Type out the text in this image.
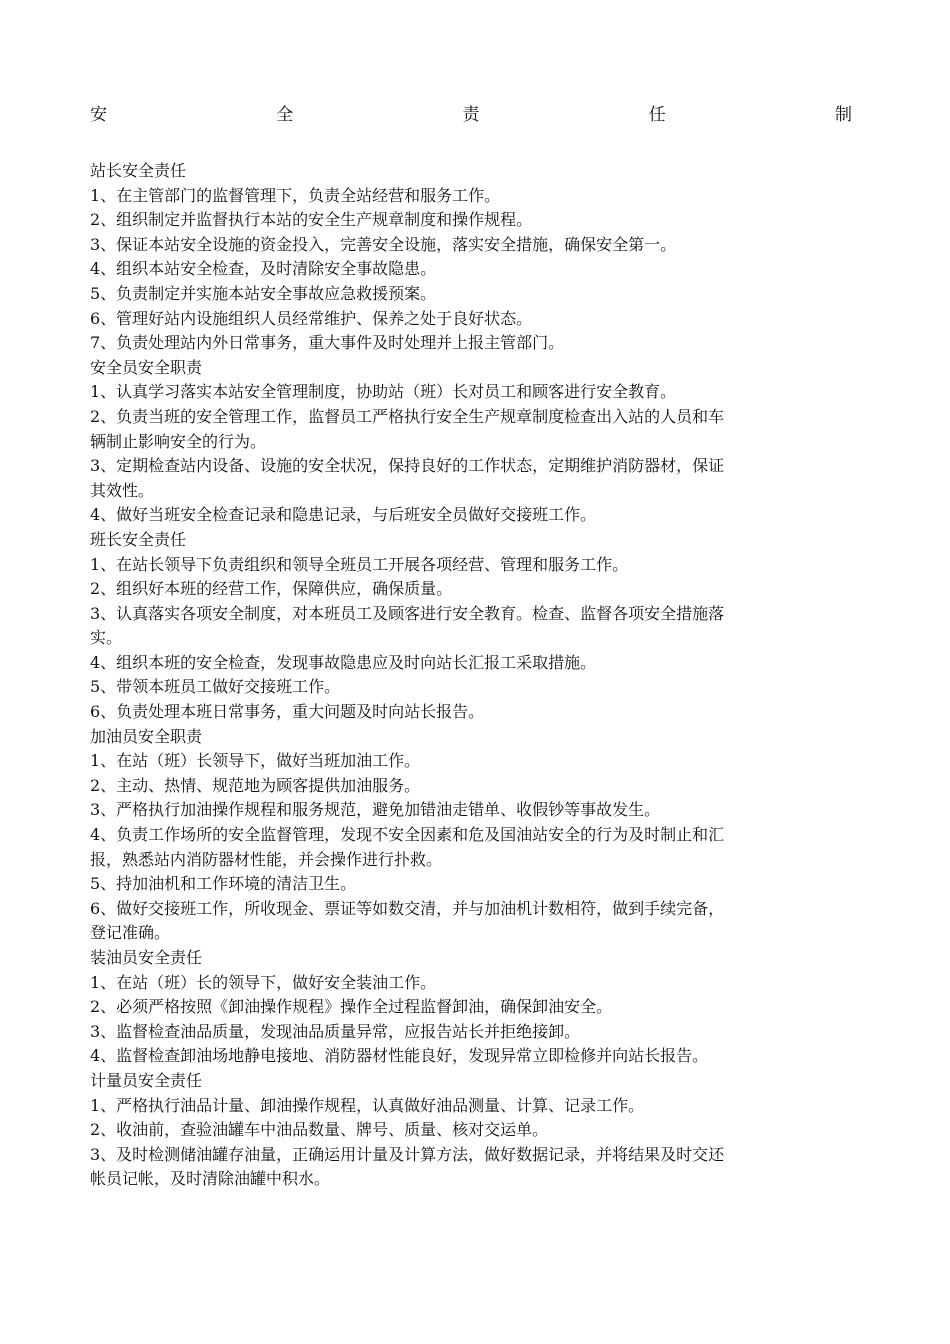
安	全	责	任	制
站长安全责任
1、在主管部门的监督管理下，负责全站经营和服务工作。
2、组织制定并监督执行本站的安全生产规章制度和操作规程。
3、保证本站安全设施的资金投入，完善安全设施，落实安全措施，确保安全第一。
4、组织本站安全检查，及时清除安全事故隐患。
5、负责制定并实施本站安全事故应急救援预案。
6、管理好站内设施组织人员经常维护、保养之处于良好状态。
7、负责处理站内外日常事务，重大事件及时处理并上报主管部门。
安全员安全职责
1、认真学习落实本站安全管理制度，协助站（班）长对员工和顾客进行安全教育。
2、负责当班的安全管理工作，监督员工严格执行安全生产规章制度检查出入站的人员和车
辆制止影响安全的行为。
3、定期检查站内设备、设施的安全状况，保持良好的工作状态，定期维护消防器材，保证
其效性。
4、做好当班安全检查记录和隐患记录，与后班安全员做好交接班工作。
班长安全责任
1、在站长领导下负责组织和领导全班员工开展各项经营、管理和服务工作。
2、组织好本班的经营工作，保障供应，确保质量。
3、认真落实各项安全制度，对本班员工及顾客进行安全教育。检查、监督各项安全措施落
实。
4、组织本班的安全检查，发现事故隐患应及时向站长汇报工采取措施。
5、带领本班员工做好交接班工作。
6、负责处理本班日常事务，重大问题及时向站长报告。
加油员安全职责
1、在站（班）长领导下，做好当班加油工作。
2、主动、热情、规范地为顾客提供加油服务。
3、严格执行加油操作规程和服务规范，避免加错油走错单、收假钞等事故发生。
4、负责工作场所的安全监督管理，发现不安全因素和危及国油站安全的行为及时制止和汇
报，熟悉站内消防器材性能，并会操作进行扑救。
5、持加油机和工作环境的清洁卫生。
6、做好交接班工作，所收现金、票证等如数交清，并与加油机计数相符，做到手续完备，
登记准确。
装油员安全责任
1、在站（班）长的领导下，做好安全装油工作。
2、必须严格按照《卸油操作规程》操作全过程监督卸油，确保卸油安全。
3、监督检查油品质量，发现油品质量异常，应报告站长并拒绝接卸。
4、监督检查卸油场地静电接地、消防器材性能良好，发现异常立即检修并向站长报告。
计量员安全责任
1、严格执行油品计量、卸油操作规程，认真做好油品测量、计算、记录工作。
2、收油前，查验油罐车中油品数量、牌号、质量、核对交运单。
3、及时检测储油罐存油量，正确运用计量及计算方法，做好数据记录，并将结果及时交还
帐员记帐，及时清除油罐中积水。
